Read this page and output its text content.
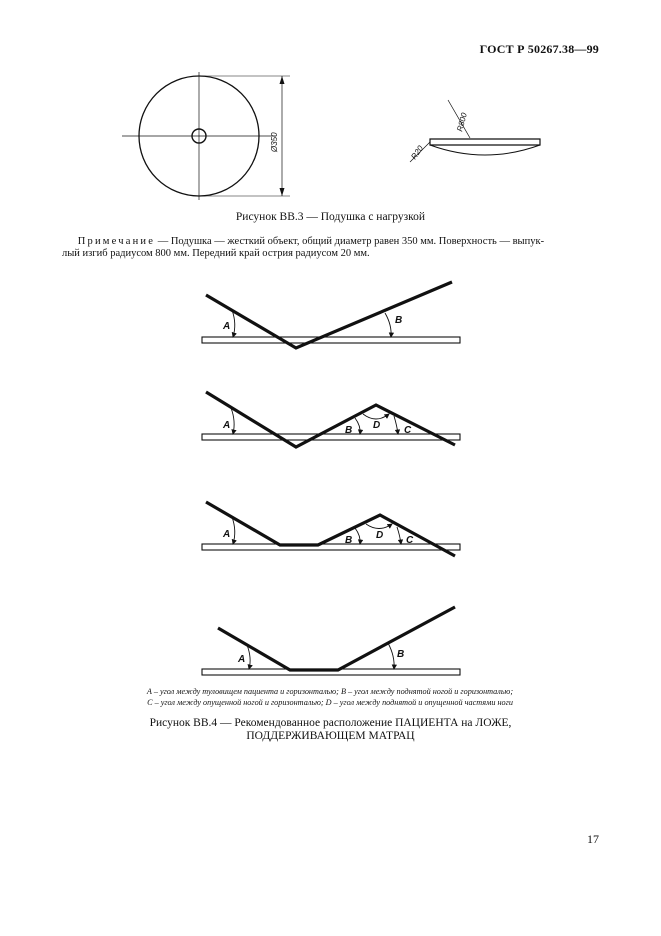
ГОСТ Р 50267.38—99
Ø350
R800
R20
Рисунок ВВ.3 — Подушка с нагрузкой
Примечание — Подушка — жесткий объект, общий диаметр равен 350 мм. Поверхность — выпук-
лый изгиб радиусом 800 мм. Передний край острия радиусом 20 мм.
A
B
A	B D C
A
B D C
A	B
A – угол между туловищем пациента и горизонталью; B – угол между поднятой ногой и горизонталью;
C – угол между опущенной ногой и горизонталью; D – угол между поднятой и опущенной частями ноги
Рисунок ВВ.4 — Рекомендованное расположение ПАЦИЕНТА на ЛОЖЕ,
ПОДДЕРЖИВАЮЩЕМ МАТРАЦ
17
